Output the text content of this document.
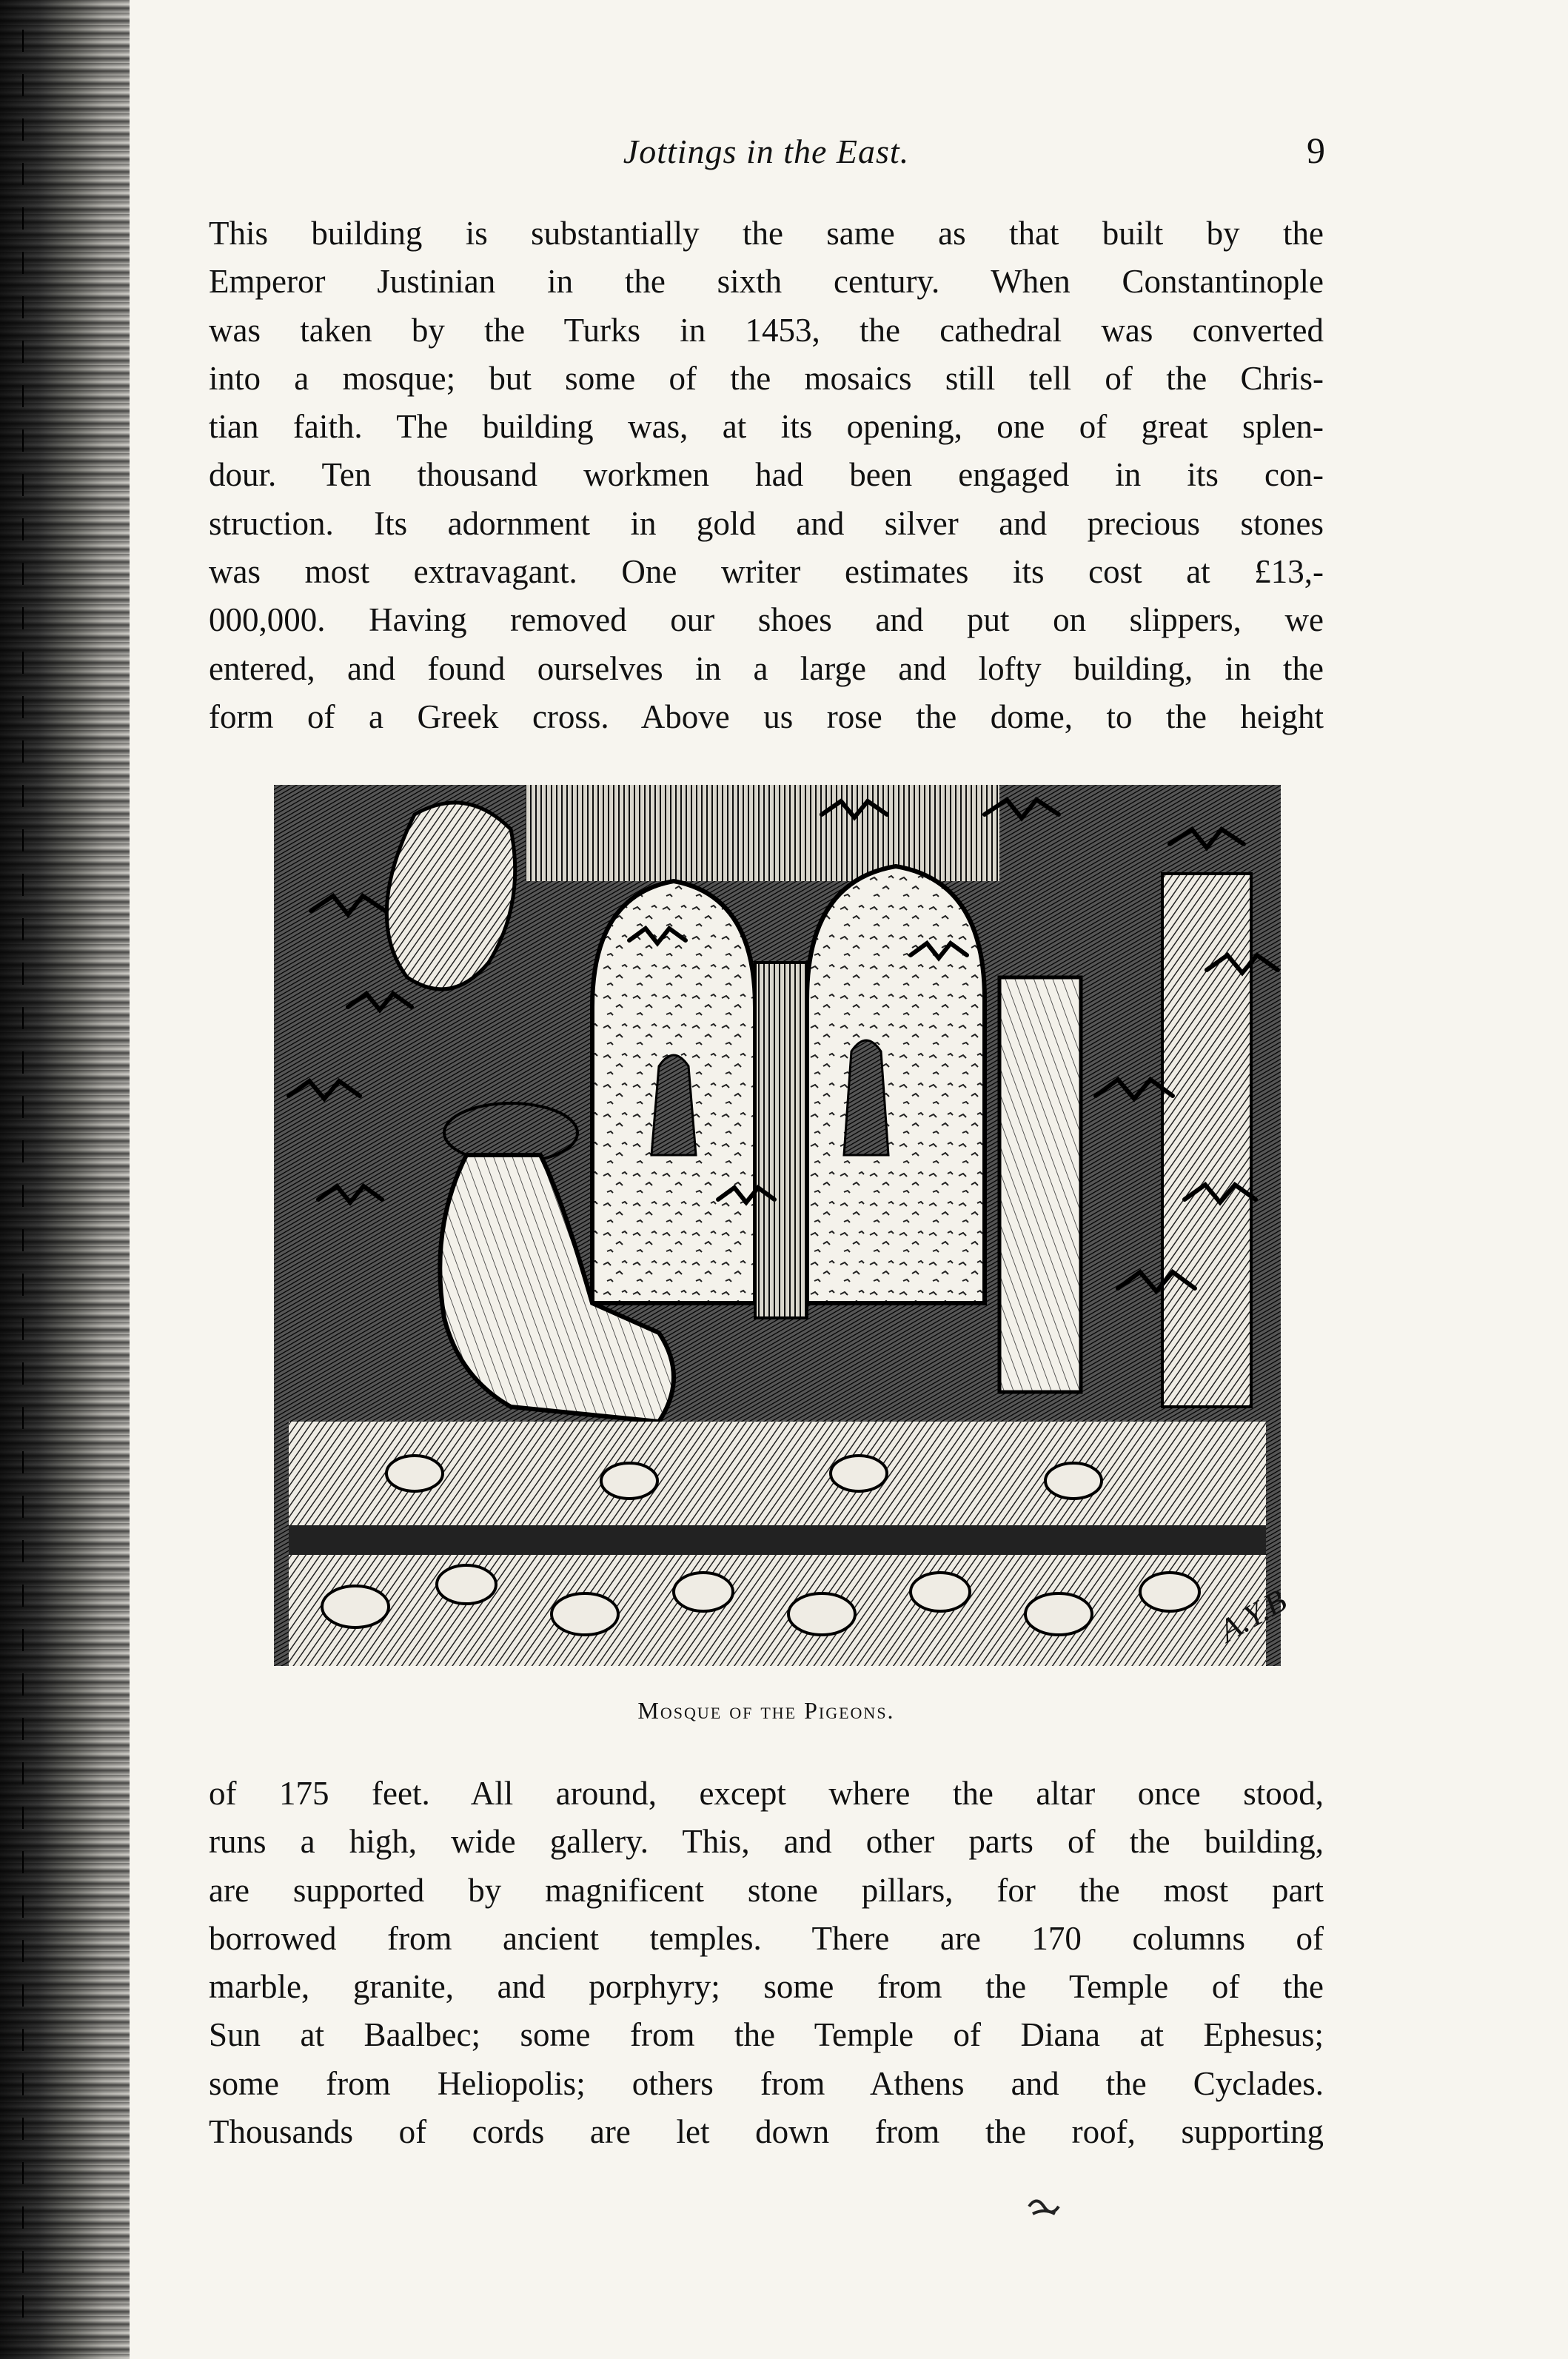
Jottings in the East.	9
This building is substantially the same as that built by the
Emperor Justinian in the sixth century. When Constantinople
was taken by the Turks in 1453, the cathedral was converted
into a mosque; but some of the mosaics still tell of the Chris-
tian faith. The building was, at its opening, one of great splen-
dour. Ten thousand workmen had been engaged in its con-
struction. Its adornment in gold and silver and precious stones
was most extravagant. One writer estimates its cost at £13,-
000,000. Having removed our shoes and put on slippers, we
entered, and found ourselves in a large and lofty building, in the
form of a Greek cross. Above us rose the dome, to the height
A.Y.B
Mosque of the Pigeons.
of 175 feet. All around, except where the altar once stood,
runs a high, wide gallery. This, and other parts of the building,
are supported by magnificent stone pillars, for the most part
borrowed from ancient temples. There are 170 columns of
marble, granite, and porphyry; some from the Temple of the
Sun at Baalbec; some from the Temple of Diana at Ephesus;
some from Heliopolis; others from Athens and the Cyclades.
Thousands of cords are let down from the roof, supporting
